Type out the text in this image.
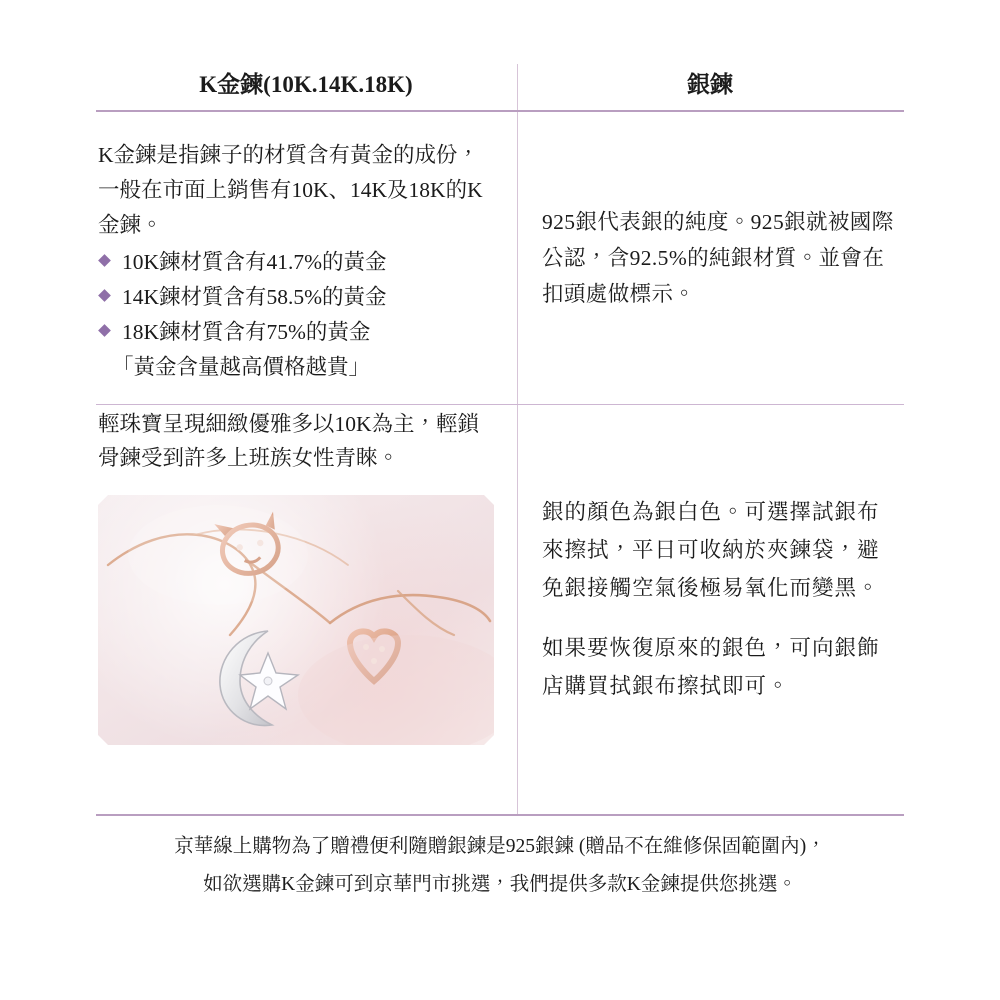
K金鍊(10K.14K.18K)	銀鍊

K金鍊是指鍊子的材質含有黃金的成份，一般在市面上銷售有10K、14K及18K的K金鍊。

10K鍊材質含有41.7%的黃金
14K鍊材質含有58.5%的黃金
18K鍊材質含有75%的黃金
「黃金含量越高價格越貴」

925銀代表銀的純度。925銀就被國際公認，含92.5%的純銀材質。並會在扣頭處做標示。

輕珠寶呈現細緻優雅多以10K為主，輕鎖骨鍊受到許多上班族女性青睞。

銀的顏色為銀白色。可選擇試銀布來擦拭，平日可收納於夾鍊袋，避免銀接觸空氣後極易氧化而變黑。

如果要恢復原來的銀色，可向銀飾店購買拭銀布擦拭即可。

京華線上購物為了贈禮便利隨贈銀鍊是925銀鍊 (贈品不在維修保固範圍內)，
如欲選購K金鍊可到京華門市挑選，我們提供多款K金鍊提供您挑選。
